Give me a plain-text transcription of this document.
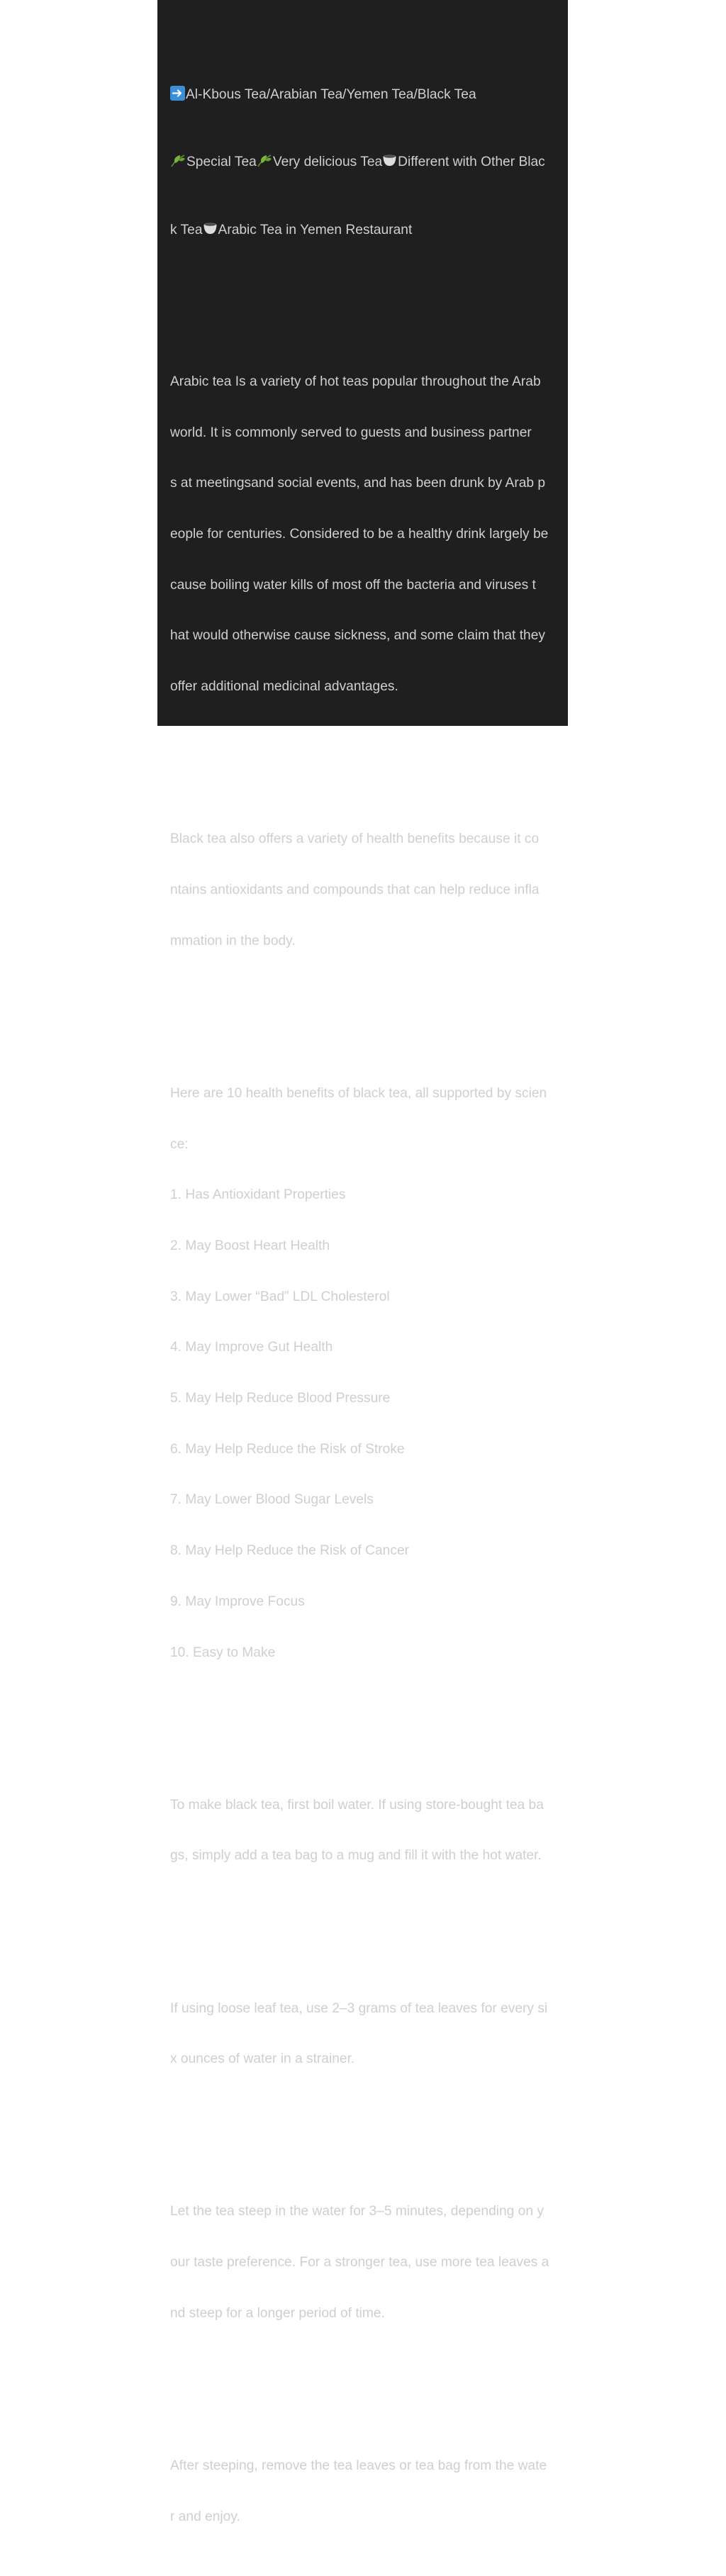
Al-Kbous Tea/Arabian Tea/Yemen Tea/Black Tea

Special Tea Very delicious Tea Different with Other Blac

k Tea Arabic Tea in Yemen Restaurant

Arabic tea Is a variety of hot teas popular throughout the Arab

world. It is commonly served to guests and business partner

s at meetingsand social events, and has been drunk by Arab p

eople for centuries. Considered to be a healthy drink largely be

cause boiling water kills of most off the bacteria and viruses t

hat would otherwise cause sickness, and some claim that they

offer additional medicinal advantages.

Black tea also offers a variety of health benefits because it co

ntains antioxidants and compounds that can help reduce infla

mmation in the body.

Here are 10 health benefits of black tea, all supported by scien

ce:

1. Has Antioxidant Properties

2. May Boost Heart Health

3. May Lower “Bad” LDL Cholesterol

4. May Improve Gut Health

5. May Help Reduce Blood Pressure

6. May Help Reduce the Risk of Stroke

7. May Lower Blood Sugar Levels

8. May Help Reduce the Risk of Cancer

9. May Improve Focus

10. Easy to Make

To make black tea, first boil water. If using store-bought tea ba

gs, simply add a tea bag to a mug and fill it with the hot water.

If using loose leaf tea, use 2–3 grams of tea leaves for every si

x ounces of water in a strainer.

Let the tea steep in the water for 3–5 minutes, depending on y

our taste preference. For a stronger tea, use more tea leaves a

nd steep for a longer period of time.

After steeping, remove the tea leaves or tea bag from the wate

r and enjoy.
